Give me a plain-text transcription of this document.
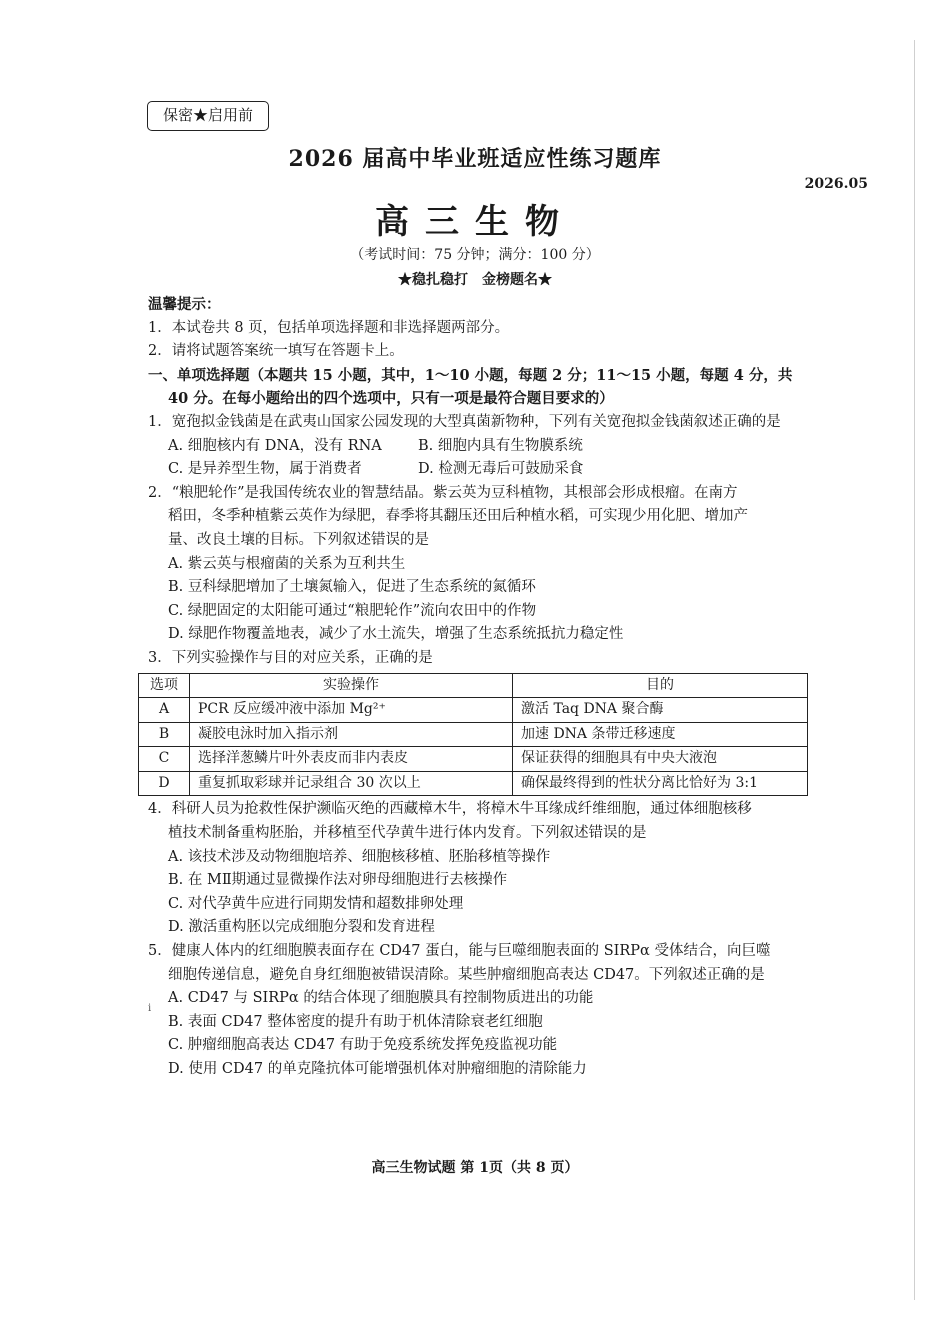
i
保密★启用前
2026 届高中毕业班适应性练习题库
2026.05
高三生物
（考试时间：75 分钟；满分：100 分）
★稳扎稳打　金榜题名★
温馨提示：
1．本试卷共 8 页，包括单项选择题和非选择题两部分。
2．请将试题答案统一填写在答题卡上。
一、单项选择题（本题共 15 小题，其中，1～10 小题，每题 2 分；11～15 小题，每题 4 分，共
40 分。在每小题给出的四个选项中，只有一项是最符合题目要求的）
1．宽孢拟金钱菌是在武夷山国家公园发现的大型真菌新物种，下列有关宽孢拟金钱菌叙述正确的是
A. 细胞核内有 DNA，没有 RNA	B. 细胞内具有生物膜系统
C. 是异养型生物，属于消费者	D. 检测无毒后可鼓励采食
2．“粮肥轮作”是我国传统农业的智慧结晶。紫云英为豆科植物，其根部会形成根瘤。在南方
稻田，冬季种植紫云英作为绿肥，春季将其翻压还田后种植水稻，可实现少用化肥、增加产
量、改良土壤的目标。下列叙述错误的是
A. 紫云英与根瘤菌的关系为互利共生
B. 豆科绿肥增加了土壤氮输入，促进了生态系统的氮循环
C. 绿肥固定的太阳能可通过“粮肥轮作”流向农田中的作物
D. 绿肥作物覆盖地表，减少了水土流失，增强了生态系统抵抗力稳定性
3．下列实验操作与目的对应关系，正确的是
选项	实验操作	目的
A	PCR 反应缓冲液中添加 Mg²⁺	激活 Taq DNA 聚合酶
B	凝胶电泳时加入指示剂	加速 DNA 条带迁移速度
C	选择洋葱鳞片叶外表皮而非内表皮	保证获得的细胞具有中央大液泡
D	重复抓取彩球并记录组合 30 次以上	确保最终得到的性状分离比恰好为 3:1
4．科研人员为抢救性保护濒临灭绝的西藏樟木牛，将樟木牛耳缘成纤维细胞，通过体细胞核移
植技术制备重构胚胎，并移植至代孕黄牛进行体内发育。下列叙述错误的是
A. 该技术涉及动物细胞培养、细胞核移植、胚胎移植等操作
B. 在 MⅡ期通过显微操作法对卵母细胞进行去核操作
C. 对代孕黄牛应进行同期发情和超数排卵处理
D. 激活重构胚以完成细胞分裂和发育进程
5．健康人体内的红细胞膜表面存在 CD47 蛋白，能与巨噬细胞表面的 SIRPα 受体结合，向巨噬
细胞传递信息，避免自身红细胞被错误清除。某些肿瘤细胞高表达 CD47。下列叙述正确的是
A. CD47 与 SIRPα 的结合体现了细胞膜具有控制物质进出的功能
B. 表面 CD47 整体密度的提升有助于机体清除衰老红细胞
C. 肿瘤细胞高表达 CD47 有助于免疫系统发挥免疫监视功能
D. 使用 CD47 的单克隆抗体可能增强机体对肿瘤细胞的清除能力
高三生物试题 第 1页（共 8 页）
